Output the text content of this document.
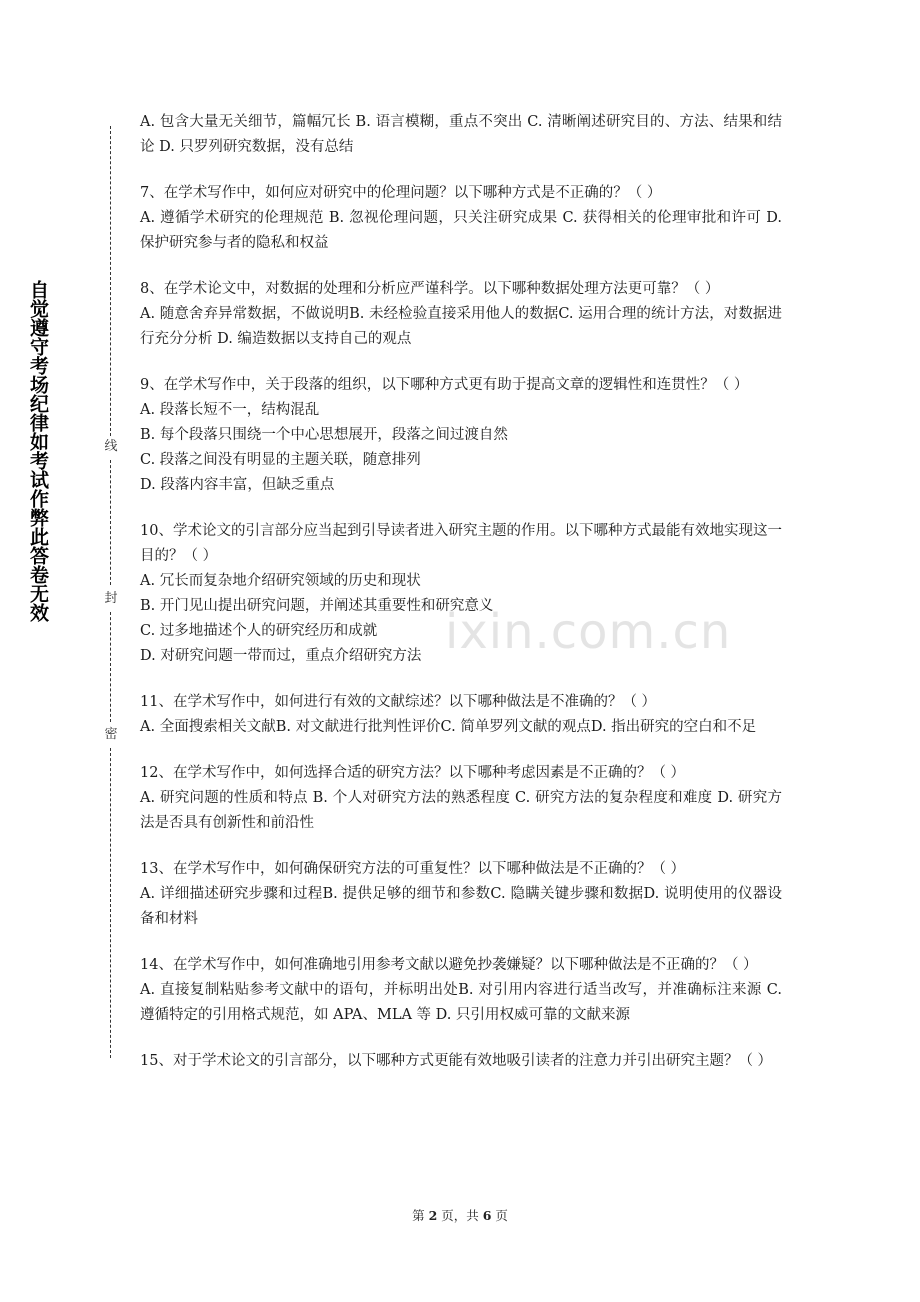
自觉遵守考场纪律如考试作弊此答卷无效	线
封
密
ixin.com.cn

A. 包含大量无关细节，篇幅冗长 B. 语言模糊，重点不突出 C. 清晰阐述研究目的、方法、结果和结论 D. 只罗列研究数据，没有总结

7、在学术写作中，如何应对研究中的伦理问题？以下哪种方式是不正确的？（ ）

A. 遵循学术研究的伦理规范 B. 忽视伦理问题，只关注研究成果 C. 获得相关的伦理审批和许可 D. 保护研究参与者的隐私和权益

8、在学术论文中，对数据的处理和分析应严谨科学。以下哪种数据处理方法更可靠？（ ）

A. 随意舍弃异常数据，不做说明B. 未经检验直接采用他人的数据C. 运用合理的统计方法，对数据进行充分分析 D. 编造数据以支持自己的观点

9、在学术写作中，关于段落的组织，以下哪种方式更有助于提高文章的逻辑性和连贯性？（ ）

A. 段落长短不一，结构混乱

B. 每个段落只围绕一个中心思想展开，段落之间过渡自然

C. 段落之间没有明显的主题关联，随意排列

D. 段落内容丰富，但缺乏重点

10、学术论文的引言部分应当起到引导读者进入研究主题的作用。以下哪种方式最能有效地实现这一目的？（ ）

A. 冗长而复杂地介绍研究领域的历史和现状

B. 开门见山提出研究问题，并阐述其重要性和研究意义

C. 过多地描述个人的研究经历和成就

D. 对研究问题一带而过，重点介绍研究方法

11、在学术写作中，如何进行有效的文献综述？以下哪种做法是不准确的？（ ）

A. 全面搜索相关文献B. 对文献进行批判性评价C. 简单罗列文献的观点D. 指出研究的空白和不足

12、在学术写作中，如何选择合适的研究方法？以下哪种考虑因素是不正确的？（ ）

A. 研究问题的性质和特点 B. 个人对研究方法的熟悉程度 C. 研究方法的复杂程度和难度 D. 研究方法是否具有创新性和前沿性

13、在学术写作中，如何确保研究方法的可重复性？以下哪种做法是不正确的？（ ）

A. 详细描述研究步骤和过程B. 提供足够的细节和参数C. 隐瞒关键步骤和数据D. 说明使用的仪器设备和材料

14、在学术写作中，如何准确地引用参考文献以避免抄袭嫌疑？以下哪种做法是不正确的？（ ）

A. 直接复制粘贴参考文献中的语句，并标明出处B. 对引用内容进行适当改写，并准确标注来源 C. 遵循特定的引用格式规范，如 APA、MLA 等 D. 只引用权威可靠的文献来源

15、对于学术论文的引言部分，以下哪种方式更能有效地吸引读者的注意力并引出研究主题？（ ）

第 2 页，共 6 页
